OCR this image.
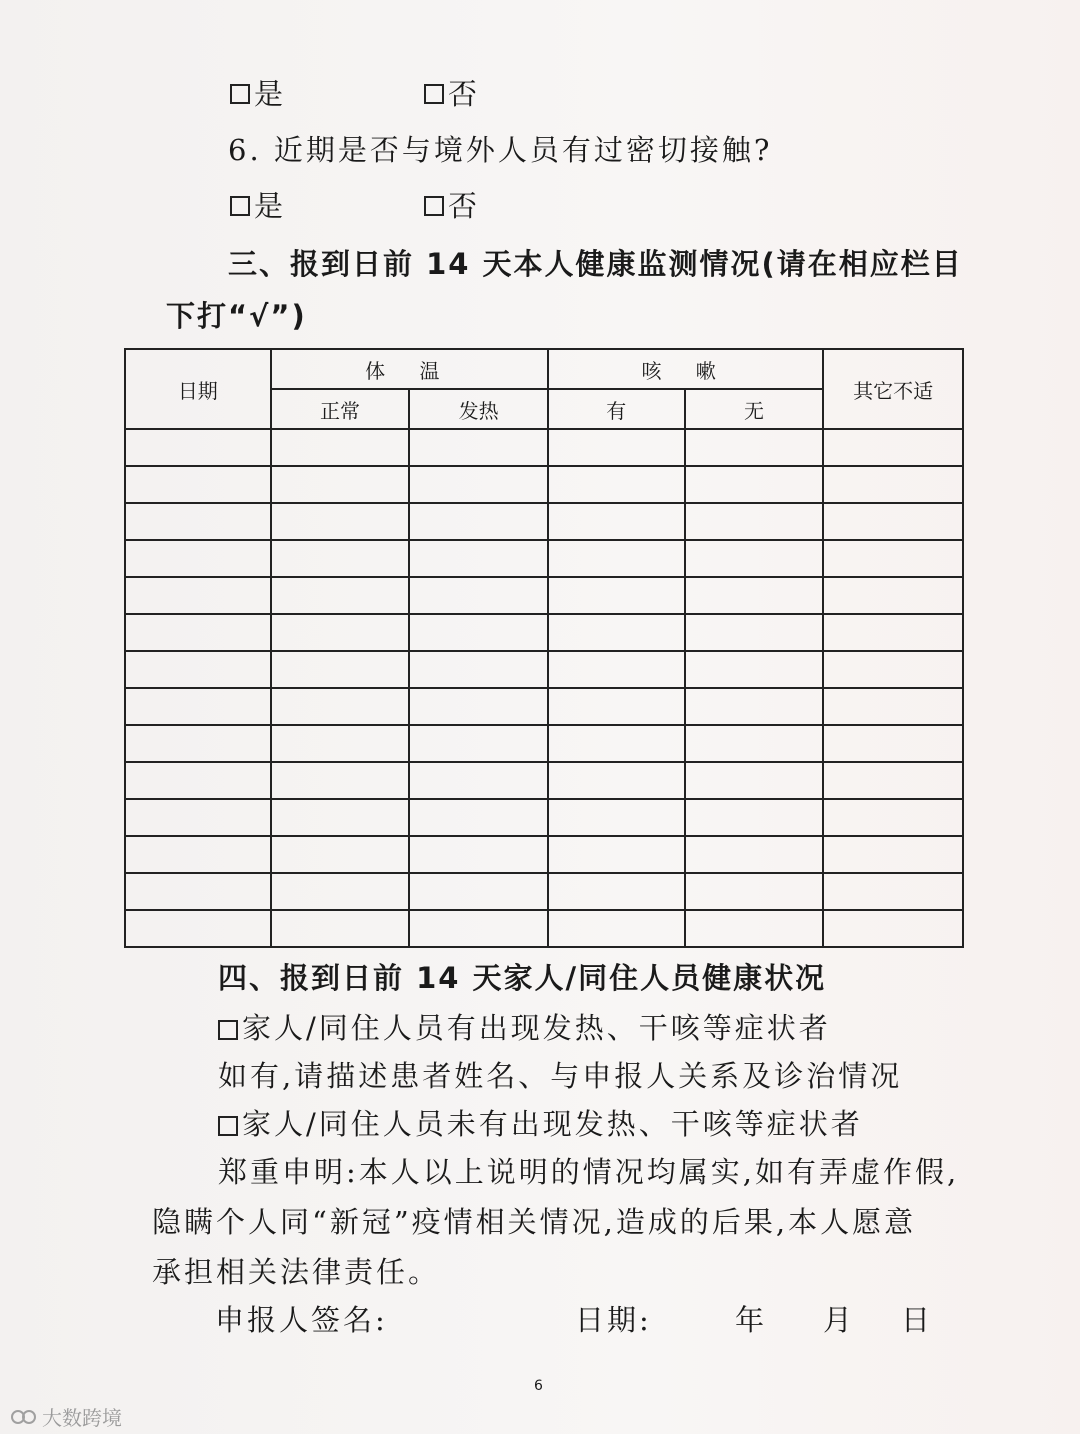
是	否
6. 近期是否与境外人员有过密切接触?
是	否
三、报到日前 14 天本人健康监测情况(请在相应栏目
下打“√”)
日期	体 温		咳 嗽		其它不适
	正常	发热	有	无	

四、报到日前 14 天家人/同住人员健康状况
家人/同住人员有出现发热、干咳等症状者
如有,请描述患者姓名、与申报人关系及诊治情况
家人/同住人员未有出现发热、干咳等症状者
郑重申明:本人以上说明的情况均属实,如有弄虚作假,
隐瞒个人同“新冠”疫情相关情况,造成的后果,本人愿意
承担相关法律责任。
申报人签名:	日期:	年 月 日
6
大数跨境
